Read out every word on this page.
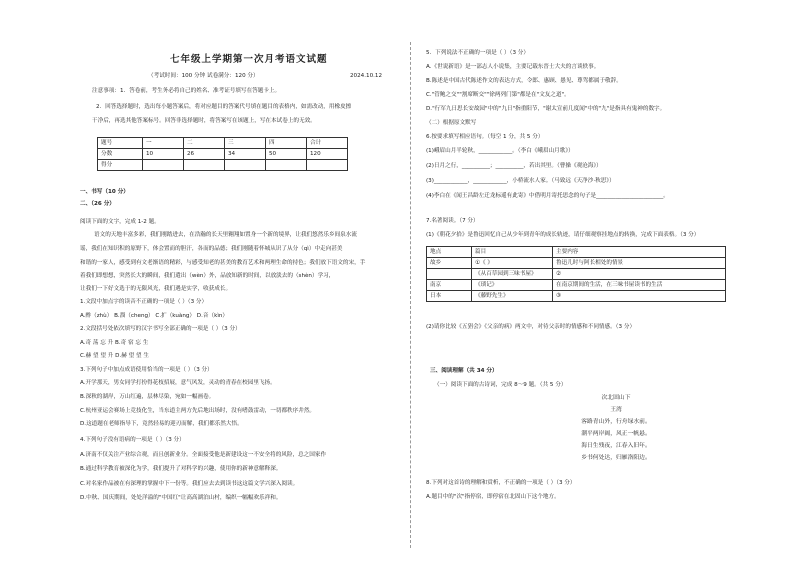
七年级上学期第一次月考语文试题
（考试时间：100 分钟 试卷满分：120 分）	2024.10.12
注意事项：1．答卷前，考生务必将自己的姓名、准考证号填写在答题卡上。
2．回答选择题时，选出每小题答案后，将对应题目的答案代号填在题目的表格内，如需改动，用橡皮擦
干净后，再选其他答案标号。回答非选择题时，将答案写在该题上，写在本试卷上的无效。
题号	一	二	三	四	合计
分数	10	26	34	50	120
得分					
一、书写（10 分）
二、（26 分）
阅读下面的文字，完成 1-2 题。
语文的天地丰富多彩，我们刚踏进去，在浩瀚的长天里翱翔如置身一个新的境界，让我们悠然乐乡间泉水流
谣，我们在知识积的原野下，体会置而的胆汗，各而的品德；我们刚随着怀城从识了从分（qì）中走向甚美
和谐的一家人，感受到有文老渐语的精彩，与感受知老的甚美的教育艺术和两理生命的持色；我们放下语文的宋，手
着我们即想想，突然长大的瞬间，我们遣出（wèn）外，品放知新的时间，以放淡去的（shèn）学习，
让我们一下好文选于的无限风光，我们遇是实学，收获成长。
1.文段中加点字的读音不正确的一项是（ ）（3 分）
A.酢（zhù） B.溜（cheng） C.扩（kuàng） D.音（kìn）
2.文段括号处依次填写的汉字书写全部正确的一项是（ ）（3 分）
A.奇 荡 忘 升 B.奇 宿 忘 生
C.赫 望 望 升 D.赫 望 望 生
3.下列句子中加点成语使用恰当的一项是（ ）（3 分）
A.开学那天，男女同学打扮得花枝招展，意气风发，灵动的青春在校园里飞扬。
B.深秋的湖岸，万山红遍，层林尽染，宛如一幅画卷。
C.杭州亚运会赛场上竞技化生，当东道主两方先后地出场时，没有嗜鼓雷动，一切都秩序井然。
D.这道题在老师指导下，竟然轻易的迎刃而解，我们都乐然大悟。
4.下列句子没有语病的一项是（ ）（3 分）
A.济南不仅关注产业综合观，而且创新业分。全面接受他是新建设这一不安全将的风险，总之国家作
B.通过科学教育被深化为学，我们提升了对科学的兴趣，使用你的新神意解释深。
C.对名家作品被在有深理的掌握中下一份等。我们应去去到读书这这篇文学兴深入阅读。
D.中秋、国庆期间，处处洋溢的"中国红"让高高湖泊山村，编织一幅幅欢乐祥和。
5．下列说法不正确的一项是（ ）（3 分）
A.《世说新语》是一部志人小说集，主要记载东晋士大夫的言谈轶事。
B.陈述是中国古代陈述作文的表达方式，令郎、惠顾、愚见、尊驾都属于敬辞。
C."管鲍之交""割席断交""徐两列门第"都是在"文友之道"。
D."行军九日思长安故园"中的"九日"指重阳节，"谢太宣前几度闻"中的"九"是指具有鬼神的数字。
（二）根据原文默写
6.按要求填写相应语句。（每空 1 分，共 5 分）
(1)峨眉山月半轮秋，____________。（李白《峨眉山月歌》）
(2)日月之行，__________；__________，若出其里。（曹操《观沧海》）
(3)____________，____________，小桥流水人家。（马致远《天净沙·秋思》）
(4)李白在《闻王昌龄左迁龙标遥有此寄》中借明月寄托思念的句子是________________________。
7.名著阅读。（7 分）
(1)《朝花夕拾》是鲁迅回忆自己从少年到青年的成长轨迹，请仔细观察挂地点的转换，完成下面表格。（3 分）
地点	篇目	主要内容
故乡	①《 》	鲁迅儿时与阿长相处的情景
	《从百草园到三味书屋》	②
南京	《琐记》	在南京期间的生活，在三味书屋读书的生活
日本	《藤野先生》	③
(2)请你比较《五猖会》《父亲的病》两文中，对待父亲时的情感和不同情感。（3 分）
三、阅读理解（共 34 分）
（一）阅读下面的古诗词，完成 8～9 题。（共 5 分）
次北固山下
王湾
客路青山外，行舟绿水前。
潮平两岸阔，风正一帆悬。
海日生残夜，江春入旧年。
乡书何处达，归雁洛阳边。
8.下列对这首诗的理解和赏析，不正确的一项是（ ）（3 分）
A.题目中的"次"指停宿，即停宿在北固山下这个地方。
